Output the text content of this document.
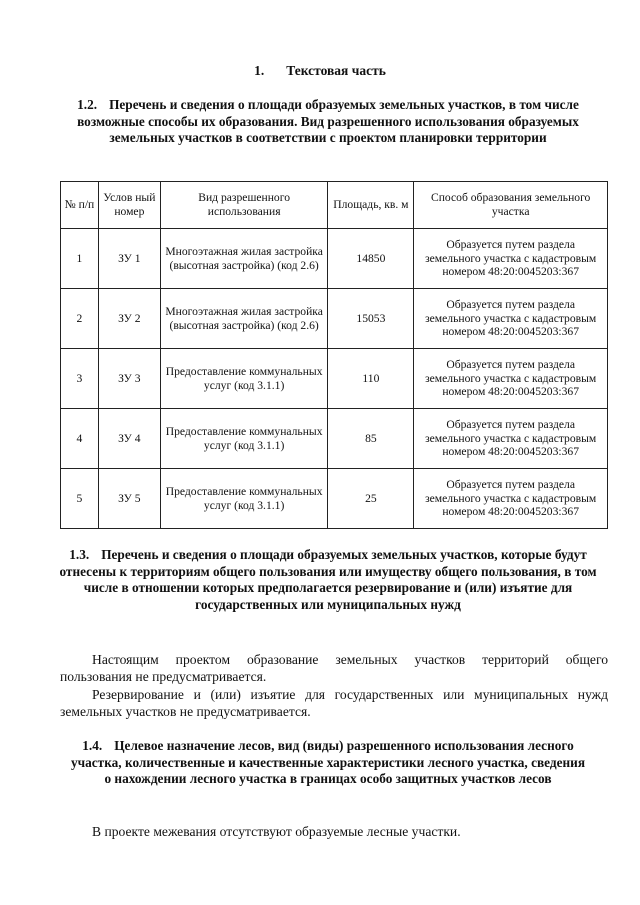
1. Текстовая часть
1.2. Перечень и сведения о площади образуемых земельных участков, в том числе возможные способы их образования. Вид разрешенного использования образуемых земельных участков в соответствии с проектом планировки территории
№ п/п	Услов ный номер	Вид разрешенного использования	Площадь, кв. м	Способ образования земельного участка
1	ЗУ 1	Многоэтажная жилая застройка (высотная застройка) (код 2.6)	14850	Образуется путем раздела земельного участка с кадастровым номером 48:20:0045203:367
2	ЗУ 2	Многоэтажная жилая застройка (высотная застройка) (код 2.6)	15053	Образуется путем раздела земельного участка с кадастровым номером 48:20:0045203:367
3	ЗУ 3	Предоставление коммунальных услуг (код 3.1.1)	110	Образуется путем раздела земельного участка с кадастровым номером 48:20:0045203:367
4	ЗУ 4	Предоставление коммунальных услуг (код 3.1.1)	85	Образуется путем раздела земельного участка с кадастровым номером 48:20:0045203:367
5	ЗУ 5	Предоставление коммунальных услуг (код 3.1.1)	25	Образуется путем раздела земельного участка с кадастровым номером 48:20:0045203:367
1.3. Перечень и сведения о площади образуемых земельных участков, которые будут отнесены к территориям общего пользования или имуществу общего пользования, в том числе в отношении которых предполагается резервирование и (или) изъятие для государственных или муниципальных нужд
Настоящим проектом образование земельных участков территорий общего
пользования не предусматривается.
Резервирование и (или) изъятие для государственных или муниципальных нужд
земельных участков не предусматривается.
1.4. Целевое назначение лесов, вид (виды) разрешенного использования лесного участка, количественные и качественные характеристики лесного участка, сведения о нахождении лесного участка в границах особо защитных участков лесов
В проекте межевания отсутствуют образуемые лесные участки.
